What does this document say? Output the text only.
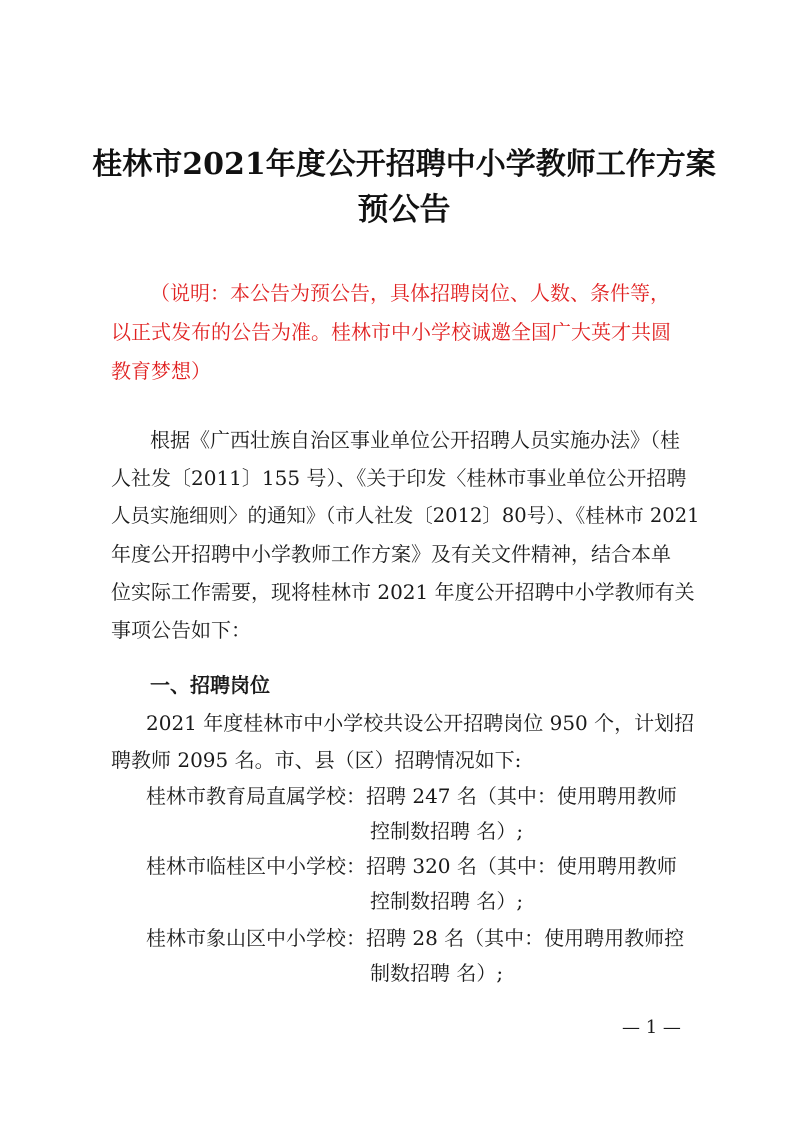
桂林市2021年度公开招聘中小学教师工作方案
预公告
（说明：本公告为预公告，具体招聘岗位、人数、条件等，
以正式发布的公告为准。桂林市中小学校诚邀全国广大英才共圆
教育梦想）
根据《广西壮族自治区事业单位公开招聘人员实施办法》（桂
人社发〔2011〕155 号）、《关于印发〈桂林市事业单位公开招聘
人员实施细则〉的通知》（市人社发〔2012〕80号）、《桂林市 2021
年度公开招聘中小学教师工作方案》及有关文件精神，结合本单
位实际工作需要，现将桂林市 2021 年度公开招聘中小学教师有关
事项公告如下：
一、招聘岗位
2021 年度桂林市中小学校共设公开招聘岗位 950 个，计划招
聘教师 2095 名。市、县（区）招聘情况如下:
桂林市教育局直属学校：招聘 247 名（其中：使用聘用教师
控制数招聘 名）;
桂林市临桂区中小学校：招聘 320 名（其中：使用聘用教师
控制数招聘 名）;
桂林市象山区中小学校：招聘 28 名（其中：使用聘用教师控
制数招聘 名）;
— 1 —
